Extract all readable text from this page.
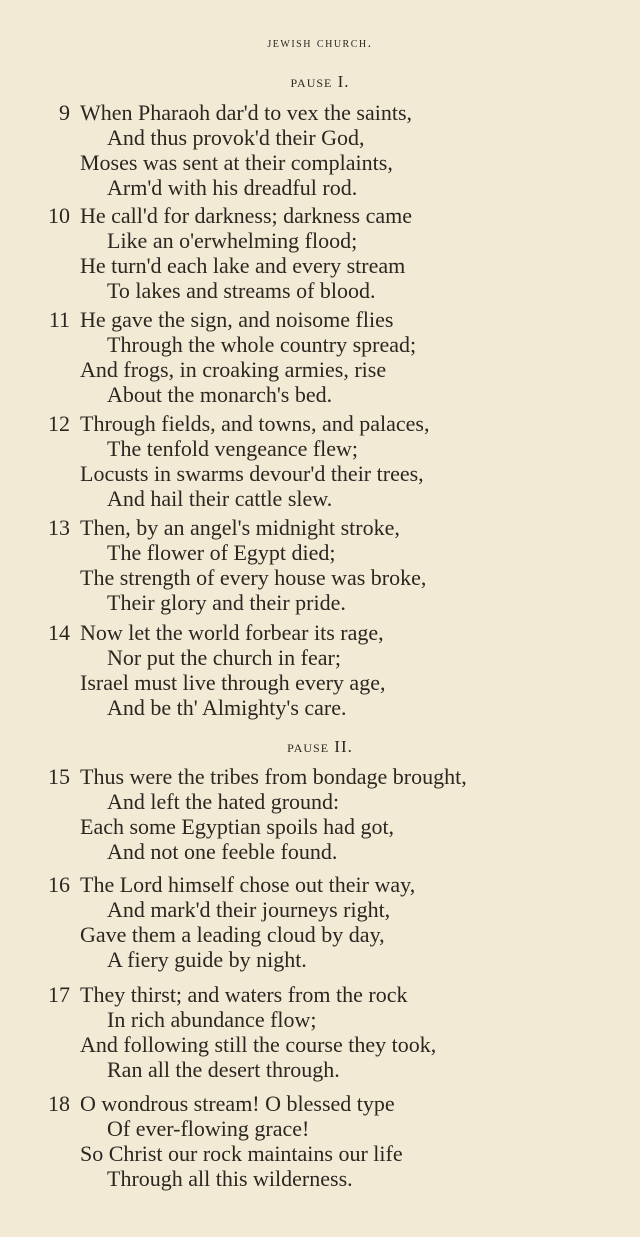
jewish church.
pause I.
9 When Pharaoh dar'd to vex the saints,
And thus provok'd their God,
Moses was sent at their complaints,
Arm'd with his dreadful rod.
10 He call'd for darkness; darkness came
Like an o'erwhelming flood;
He turn'd each lake and every stream
To lakes and streams of blood.
11 He gave the sign, and noisome flies
Through the whole country spread;
And frogs, in croaking armies, rise
About the monarch's bed.
12 Through fields, and towns, and palaces,
The tenfold vengeance flew;
Locusts in swarms devour'd their trees,
And hail their cattle slew.
13 Then, by an angel's midnight stroke,
The flower of Egypt died;
The strength of every house was broke,
Their glory and their pride.
14 Now let the world forbear its rage,
Nor put the church in fear;
Israel must live through every age,
And be th' Almighty's care.
pause II.
15 Thus were the tribes from bondage brought,
And left the hated ground:
Each some Egyptian spoils had got,
And not one feeble found.
16 The Lord himself chose out their way,
And mark'd their journeys right,
Gave them a leading cloud by day,
A fiery guide by night.
17 They thirst; and waters from the rock
In rich abundance flow;
And following still the course they took,
Ran all the desert through.
18 O wondrous stream! O blessed type
Of ever-flowing grace!
So Christ our rock maintains our life
Through all this wilderness.
